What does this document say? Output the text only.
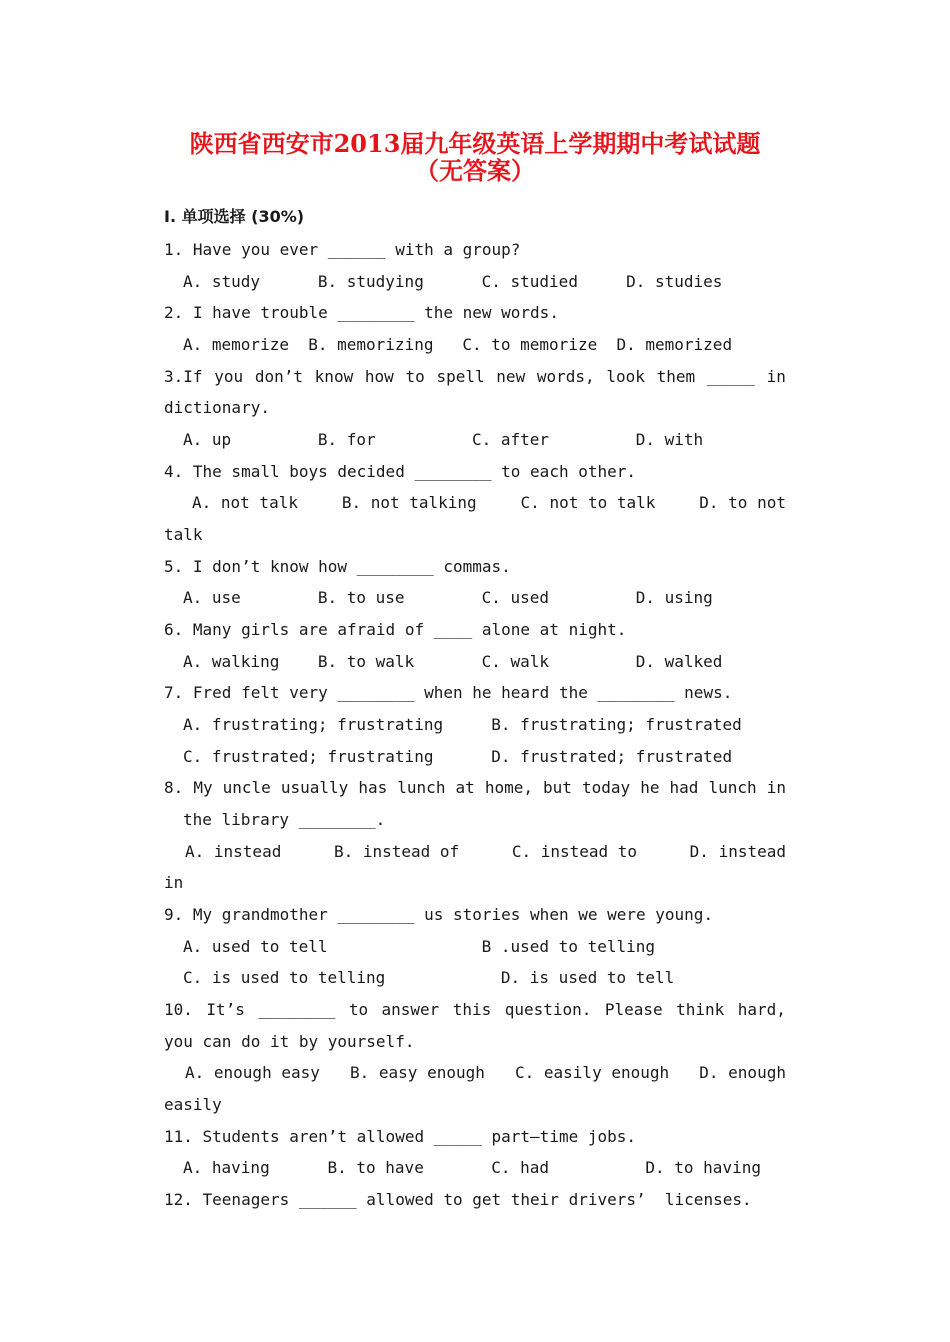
陕西省西安市2013届九年级英语上学期期中考试试题
（无答案）
I. 单项选择 (30%)
1. Have you ever ______ with a group?
A. study      B. studying      C. studied     D. studies
2. I have trouble ________ the new words.
A. memorize  B. memorizing   C. to memorize  D. memorized
3.If you don’t know how to spell new words, look them _____ in
dictionary.
A. up         B. for          C. after         D. with
4. The small boys decided ________ to each other.
A. not talk	B. not talking	C. not to talk	D. to not
talk
5. I don’t know how ________ commas.
A. use        B. to use        C. used         D. using
6. Many girls are afraid of ____ alone at night.
A. walking    B. to walk       C. walk         D. walked
7. Fred felt very ________ when he heard the ________ news.
A. frustrating; frustrating     B. frustrating; frustrated
C. frustrated; frustrating      D. frustrated; frustrated
8. My uncle usually has lunch at home, but today he had lunch in
the library ________.
A. instead	B. instead of	C. instead to	D. instead
in
9. My grandmother ________ us stories when we were young.
A. used to tell                B .used to telling
C. is used to telling            D. is used to tell
10. It’s ________ to answer this question. Please think hard,
you can do it by yourself.
A. enough easy B. easy enough C. easily enough D. enough
easily
11. Students aren’t allowed _____ part—time jobs.
A. having      B. to have       C. had          D. to having
12. Teenagers ______ allowed to get their drivers’  licenses.
